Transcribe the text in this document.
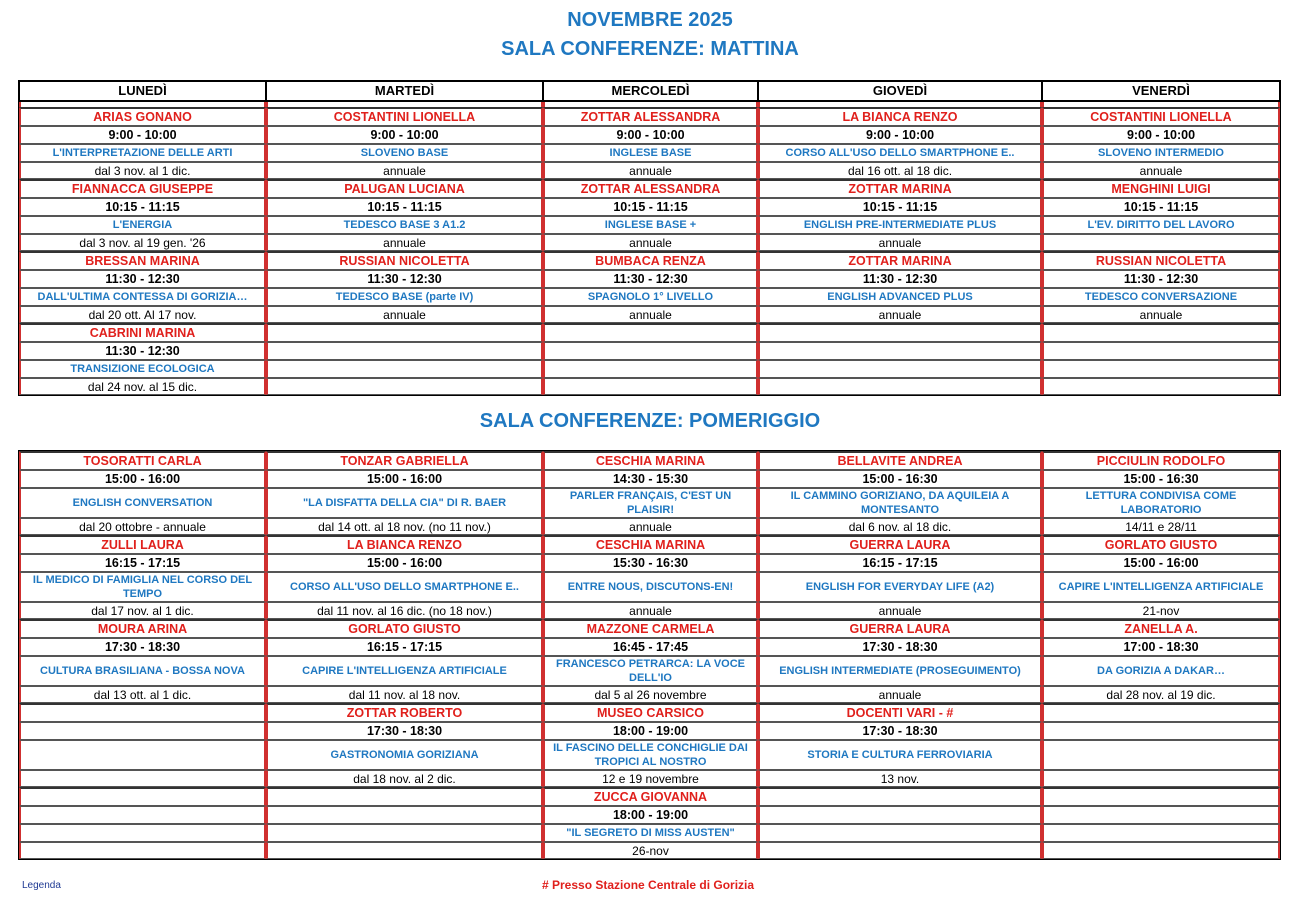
NOVEMBRE 2025
SALA CONFERENZE: MATTINA
LUNEDÌ	MARTEDÌ	MERCOLEDÌ	GIOVEDÌ	VENERDÌ

ARIAS GONANO	COSTANTINI LIONELLA	ZOTTAR ALESSANDRA	LA BIANCA RENZO	COSTANTINI LIONELLA
9:00 - 10:00	9:00 - 10:00	9:00 - 10:00	9:00 - 10:00	9:00 - 10:00
L'INTERPRETAZIONE DELLE ARTI	SLOVENO BASE	INGLESE BASE	CORSO ALL'USO DELLO SMARTPHONE E..	SLOVENO INTERMEDIO
dal 3 nov. al 1 dic.	annuale	annuale	dal 16 ott. al 18 dic.	annuale
FIANNACCA GIUSEPPE	PALUGAN LUCIANA	ZOTTAR ALESSANDRA	ZOTTAR MARINA	MENGHINI LUIGI
10:15 - 11:15	10:15 - 11:15	10:15 - 11:15	10:15 - 11:15	10:15 - 11:15
L'ENERGIA	TEDESCO BASE 3 A1.2	INGLESE BASE +	ENGLISH PRE-INTERMEDIATE PLUS	L'EV. DIRITTO DEL LAVORO
dal 3 nov. al 19 gen. '26	annuale	annuale	annuale	
BRESSAN MARINA	RUSSIAN NICOLETTA	BUMBACA RENZA	ZOTTAR MARINA	RUSSIAN NICOLETTA
11:30 - 12:30	11:30 - 12:30	11:30 - 12:30	11:30 - 12:30	11:30 - 12:30
DALL'ULTIMA CONTESSA DI GORIZIA…	TEDESCO BASE (parte IV)	SPAGNOLO 1° LIVELLO	ENGLISH ADVANCED PLUS	TEDESCO CONVERSAZIONE
dal 20 ott. Al 17 nov.	annuale	annuale	annuale	annuale
CABRINI MARINA				
11:30 - 12:30				
TRANSIZIONE ECOLOGICA				
dal 24 nov. al 15 dic.				
SALA CONFERENZE: POMERIGGIO
TOSORATTI CARLA	TONZAR GABRIELLA	CESCHIA MARINA	BELLAVITE ANDREA	PICCIULIN RODOLFO
15:00 - 16:00	15:00 - 16:00	14:30 - 15:30	15:00 - 16:30	15:00 - 16:30
ENGLISH CONVERSATION	"LA DISFATTA DELLA CIA" DI R. BAER	PARLER FRANÇAIS, C'EST UN PLAISIR!	IL CAMMINO GORIZIANO, DA AQUILEIA A MONTESANTO	LETTURA CONDIVISA COME LABORATORIO
dal 20 ottobre - annuale	dal 14 ott. al 18 nov. (no 11 nov.)	annuale	dal 6 nov. al 18 dic.	14/11 e 28/11
ZULLI LAURA	LA BIANCA RENZO	CESCHIA MARINA	GUERRA LAURA	GORLATO GIUSTO
16:15 - 17:15	15:00 - 16:00	15:30 - 16:30	16:15 - 17:15	15:00 - 16:00
IL MEDICO DI FAMIGLIA NEL CORSO DEL TEMPO	CORSO ALL'USO DELLO SMARTPHONE E..	ENTRE NOUS, DISCUTONS-EN!	ENGLISH FOR EVERYDAY LIFE (A2)	CAPIRE L'INTELLIGENZA ARTIFICIALE
dal 17 nov. al 1 dic.	dal 11 nov. al 16 dic. (no 18 nov.)	annuale	annuale	21-nov
MOURA ARINA	GORLATO GIUSTO	MAZZONE CARMELA	GUERRA LAURA	ZANELLA A.
17:30 - 18:30	16:15 - 17:15	16:45 - 17:45	17:30 - 18:30	17:00 - 18:30
CULTURA BRASILIANA - BOSSA NOVA	CAPIRE L'INTELLIGENZA ARTIFICIALE	FRANCESCO PETRARCA: LA VOCE DELL'IO	ENGLISH INTERMEDIATE (PROSEGUIMENTO)	DA GORIZIA A DAKAR…
dal 13 ott. al 1 dic.	dal 11 nov. al 18 nov.	dal 5 al 26 novembre	annuale	dal 28 nov. al 19 dic.
	ZOTTAR ROBERTO	MUSEO CARSICO	DOCENTI VARI - #	
	17:30 - 18:30	18:00 - 19:00	17:30 - 18:30	
	GASTRONOMIA GORIZIANA	IL FASCINO DELLE CONCHIGLIE DAI TROPICI AL NOSTRO	STORIA E CULTURA FERROVIARIA	
	dal 18 nov. al 2 dic.	12 e 19 novembre	13 nov.	
		ZUCCA GIOVANNA		
		18:00 - 19:00		
		"IL SEGRETO DI MISS AUSTEN"		
		26-nov		
Legenda	# Presso Stazione Centrale di Gorizia
